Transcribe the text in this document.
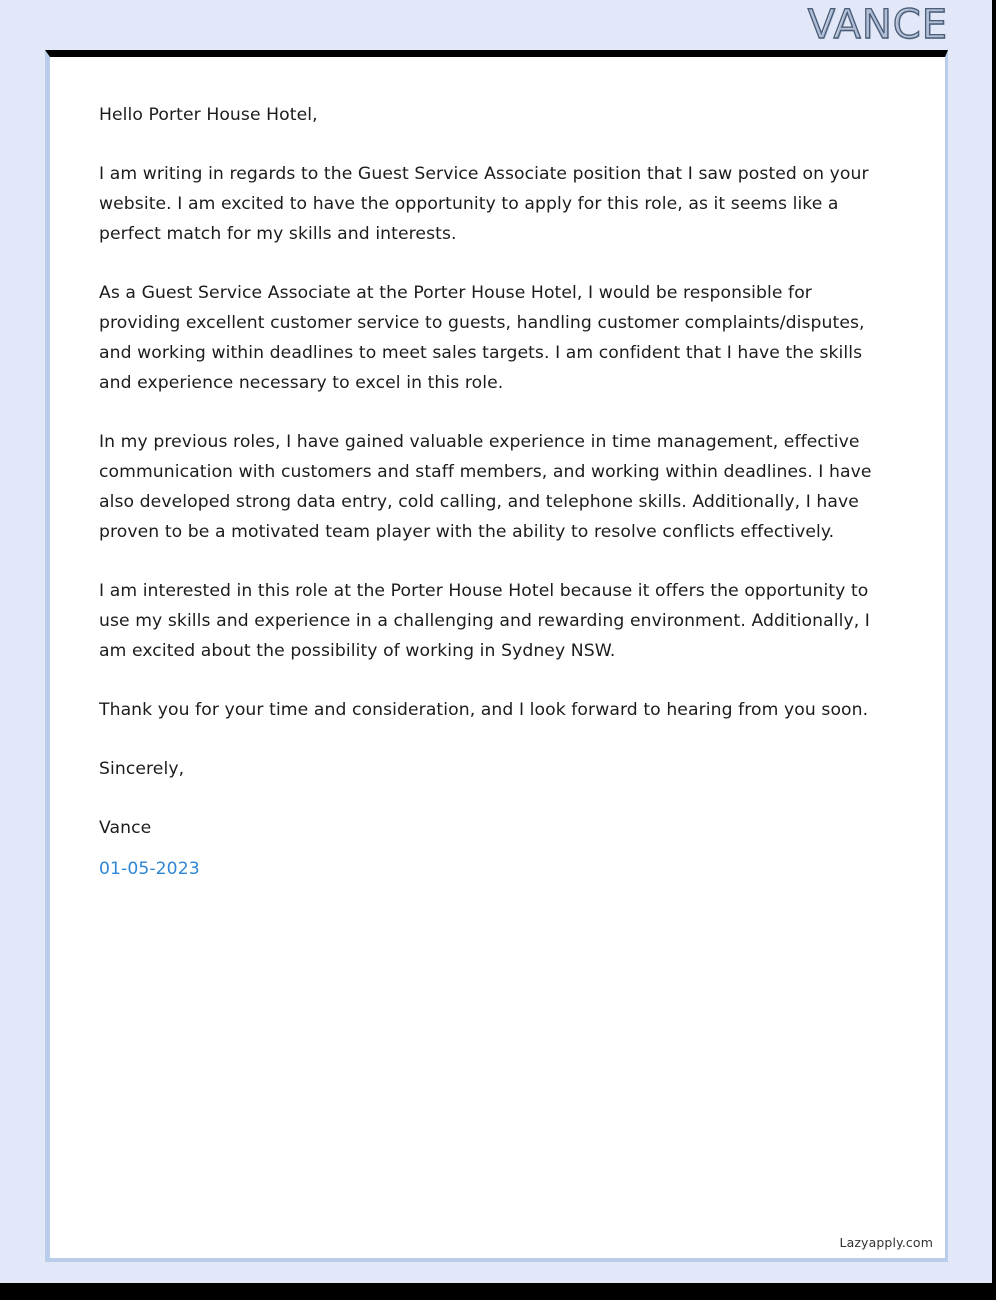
VANCE

Hello Porter House Hotel,

I am writing in regards to the Guest Service Associate position that I saw posted on your website. I am excited to have the opportunity to apply for this role, as it seems like a perfect match for my skills and interests.

As a Guest Service Associate at the Porter House Hotel, I would be responsible for providing excellent customer service to guests, handling customer complaints/disputes, and working within deadlines to meet sales targets. I am confident that I have the skills and experience necessary to excel in this role.

In my previous roles, I have gained valuable experience in time management, effective communication with customers and staff members, and working within deadlines. I have also developed strong data entry, cold calling, and telephone skills. Additionally, I have proven to be a motivated team player with the ability to resolve conflicts effectively.

I am interested in this role at the Porter House Hotel because it offers the opportunity to use my skills and experience in a challenging and rewarding environment. Additionally, I am excited about the possibility of working in Sydney NSW.

Thank you for your time and consideration, and I look forward to hearing from you soon.

Sincerely,

Vance

01-05-2023

Lazyapply.com
